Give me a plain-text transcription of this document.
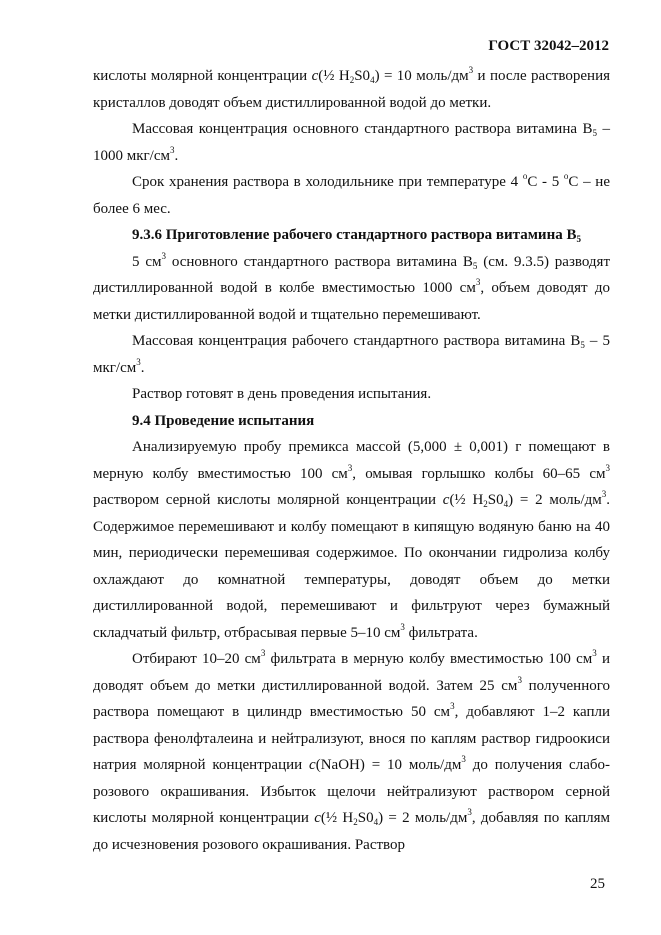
ГОСТ 32042–2012

кислоты молярной концентрации с(½ $H_2S0_4) = 10$ моль/$дм^3$ и после растворения кристаллов доводят объем дистиллированной водой до метки.

Массовая концентрация основного стандартного раствора витамина $В_5 - 1000$ мкг/$см^3$.

Срок хранения раствора в холодильнике при температуре 4 $^о$С - 5 $^о$С – не более 6 мес.

9.3.6 Приготовление рабочего стандартного раствора витамина $В_5$

5 $см^3$ основного стандартного раствора витамина $В_5$ (см. 9.3.5) разводят дистиллированной водой в колбе вместимостью 1000 $см^3$, объем доводят до метки дистиллированной водой и тщательно перемешивают.

Массовая концентрация рабочего стандартного раствора витамина $В_5 - 5$ мкг/$см^3$.

Раствор готовят в день проведения испытания.

9.4 Проведение испытания

Анализируемую пробу премикса массой (5,000 ± 0,001) г помещают в мерную колбу вместимостью 100 $см^3$, омывая горлышко колбы 60–65 $см^3$ раствором серной кислоты молярной концентрации с(½ $H_2S0_4) = 2$ моль/$дм^3$. Содержимое перемешивают и колбу помещают в кипящую водяную баню на 40 мин, периодически перемешивая содержимое. По окончании гидролиза колбу охлаждают до комнатной температуры, доводят объем до метки дистиллированной водой, перемешивают и фильтруют через бумажный складчатый фильтр, отбрасывая первые 5–10 $см^3$ фильтрата.

Отбирают 10–20 $см^3$ фильтрата в мерную колбу вместимостью 100 $см^3$ и доводят объем до метки дистиллированной водой. Затем 25 $см^3$ полученного раствора помещают в цилиндр вместимостью 50 $см^3$, добавляют 1–2 капли раствора фенолфталеина и нейтрализуют, внося по каплям раствор гидроокиси натрия молярной концентрации с(NaOH) = 10 моль/$дм^3$ до получения слабо-розового окрашивания. Избыток щелочи нейтрализуют раствором серной кислоты молярной концентрации с(½ $H_2S0_4) = 2$ моль/$дм^3$, добавляя по каплям до исчезновения розового окрашивания. Раствор

25
